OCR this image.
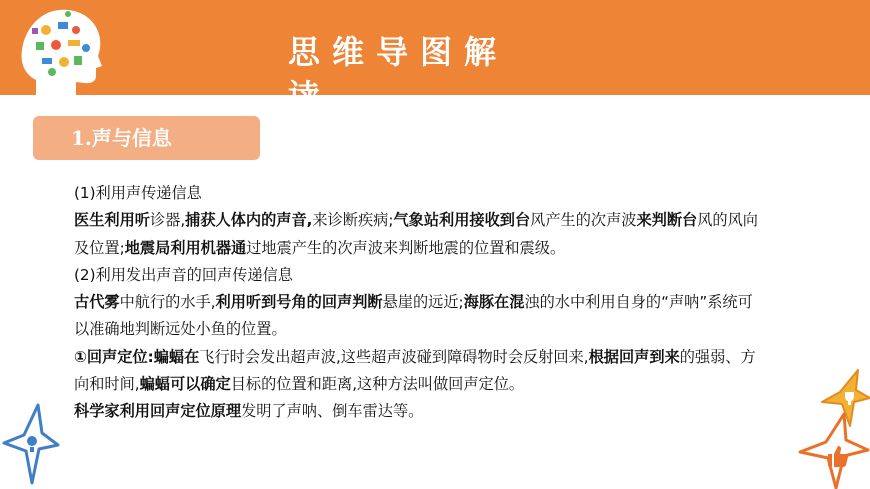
思维导图解读
1.声与信息

(1)利用声传递信息

医生利用听诊器,捕获人体内的声音,来诊断疾病;气象站利用接收到台风产生的次声波来判断台风的风向及位置;地震局利用机器通过地震产生的次声波来判断地震的位置和震级。

(2)利用发出声音的回声传递信息

古代雾中航行的水手,利用听到号角的回声判断悬崖的远近;海豚在混浊的水中利用自身的“声呐”系统可以准确地判断远处小鱼的位置。

①回声定位:蝙蝠在飞行时会发出超声波,这些超声波碰到障碍物时会反射回来,根据回声到来的强弱、方向和时间,蝙蝠可以确定目标的位置和距离,这种方法叫做回声定位。

科学家利用回声定位原理发明了声呐、倒车雷达等。
